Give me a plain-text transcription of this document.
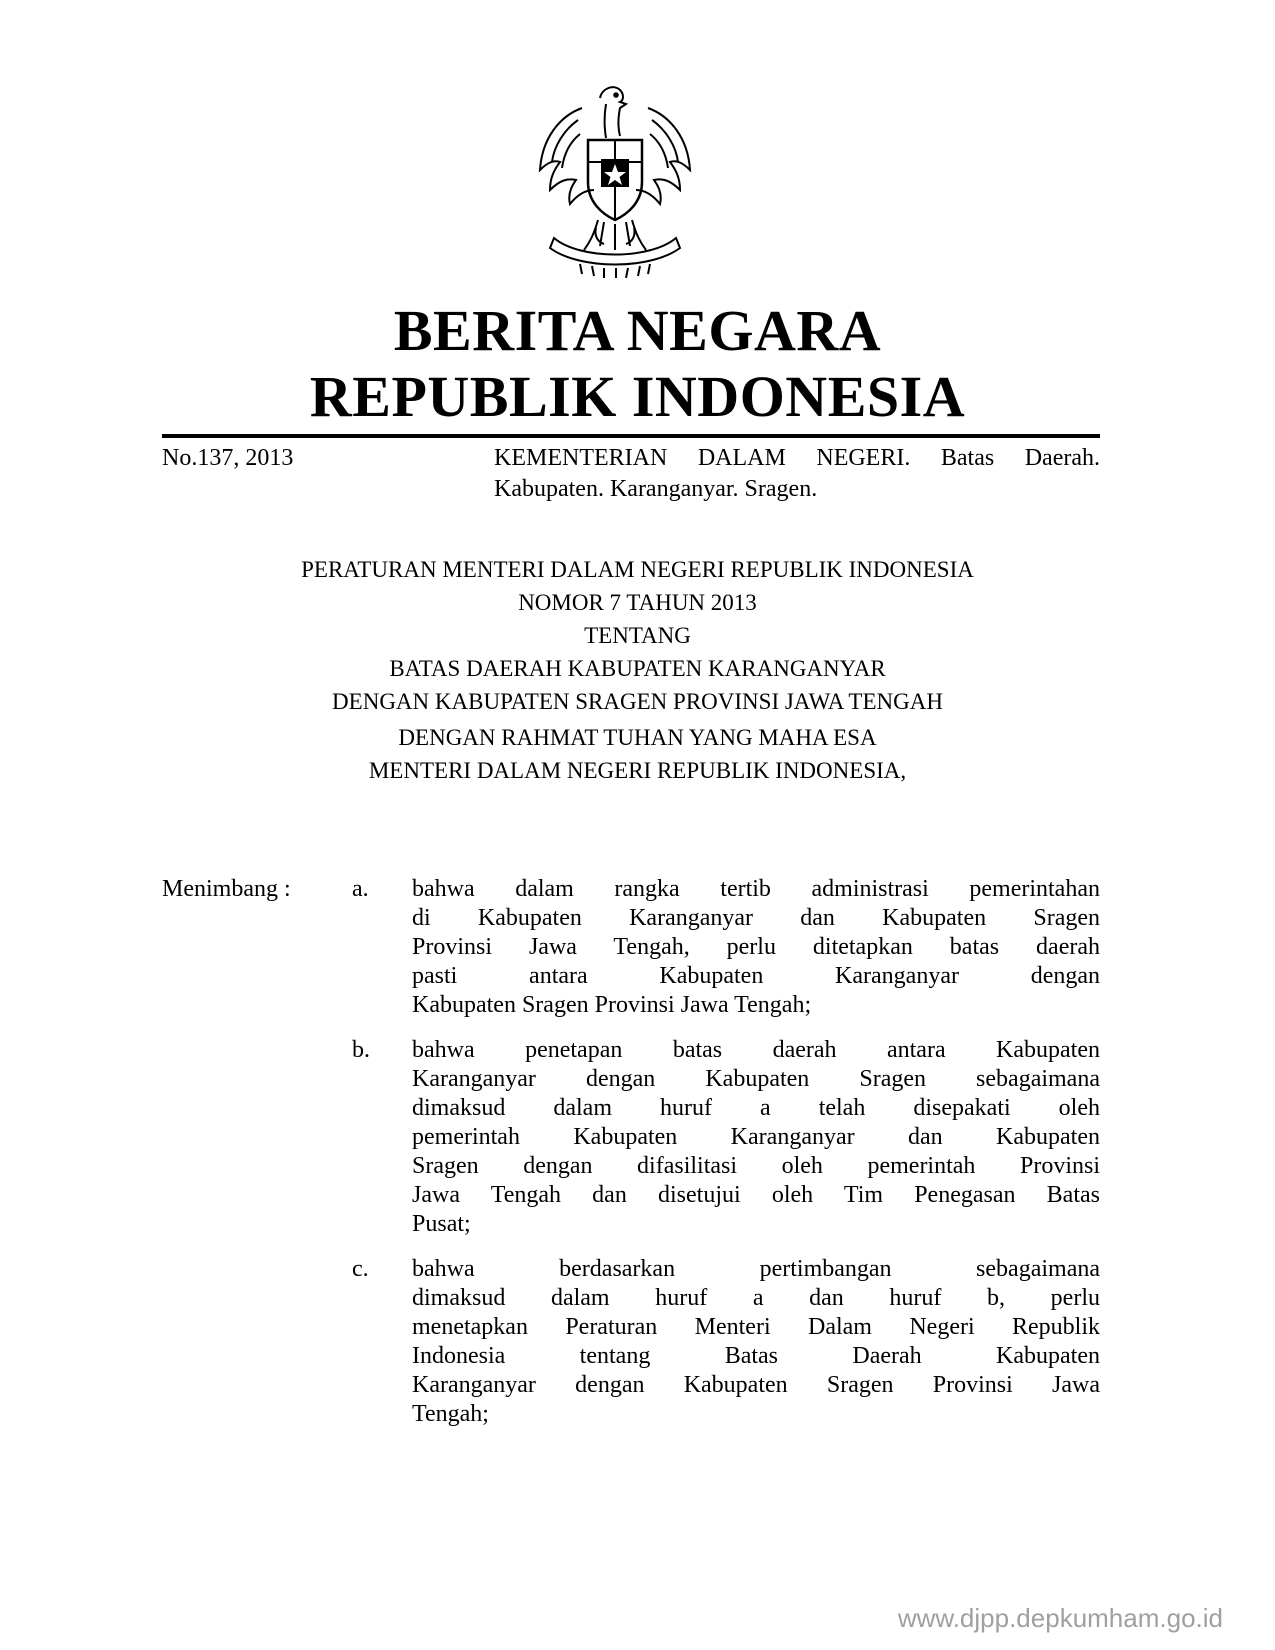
BERITA NEGARA
REPUBLIK INDONESIA
No.137, 2013	KEMENTERIAN DALAM NEGERI. Batas Daerah.
Kabupaten. Karanganyar. Sragen.
PERATURAN MENTERI DALAM NEGERI REPUBLIK INDONESIA
NOMOR 7 TAHUN 2013
TENTANG
BATAS DAERAH KABUPATEN KARANGANYAR
DENGAN KABUPATEN SRAGEN PROVINSI JAWA TENGAH
DENGAN RAHMAT TUHAN YANG MAHA ESA
MENTERI DALAM NEGERI REPUBLIK INDONESIA,
Menimbang :	a. bahwa dalam rangka tertib administrasi pemerintahan
di Kabupaten Karanganyar dan Kabupaten Sragen
Provinsi Jawa Tengah, perlu ditetapkan batas daerah
pasti antara Kabupaten Karanganyar dengan
Kabupaten Sragen Provinsi Jawa Tengah;
b. bahwa penetapan batas daerah antara Kabupaten
Karanganyar dengan Kabupaten Sragen sebagaimana
dimaksud dalam huruf a telah disepakati oleh
pemerintah Kabupaten Karanganyar dan Kabupaten
Sragen dengan difasilitasi oleh pemerintah Provinsi
Jawa Tengah dan disetujui oleh Tim Penegasan Batas
Pusat;
c. bahwa berdasarkan pertimbangan sebagaimana
dimaksud dalam huruf a dan huruf b, perlu
menetapkan Peraturan Menteri Dalam Negeri Republik
Indonesia tentang Batas Daerah Kabupaten
Karanganyar dengan Kabupaten Sragen Provinsi Jawa
Tengah;
www.djpp.depkumham.go.id
